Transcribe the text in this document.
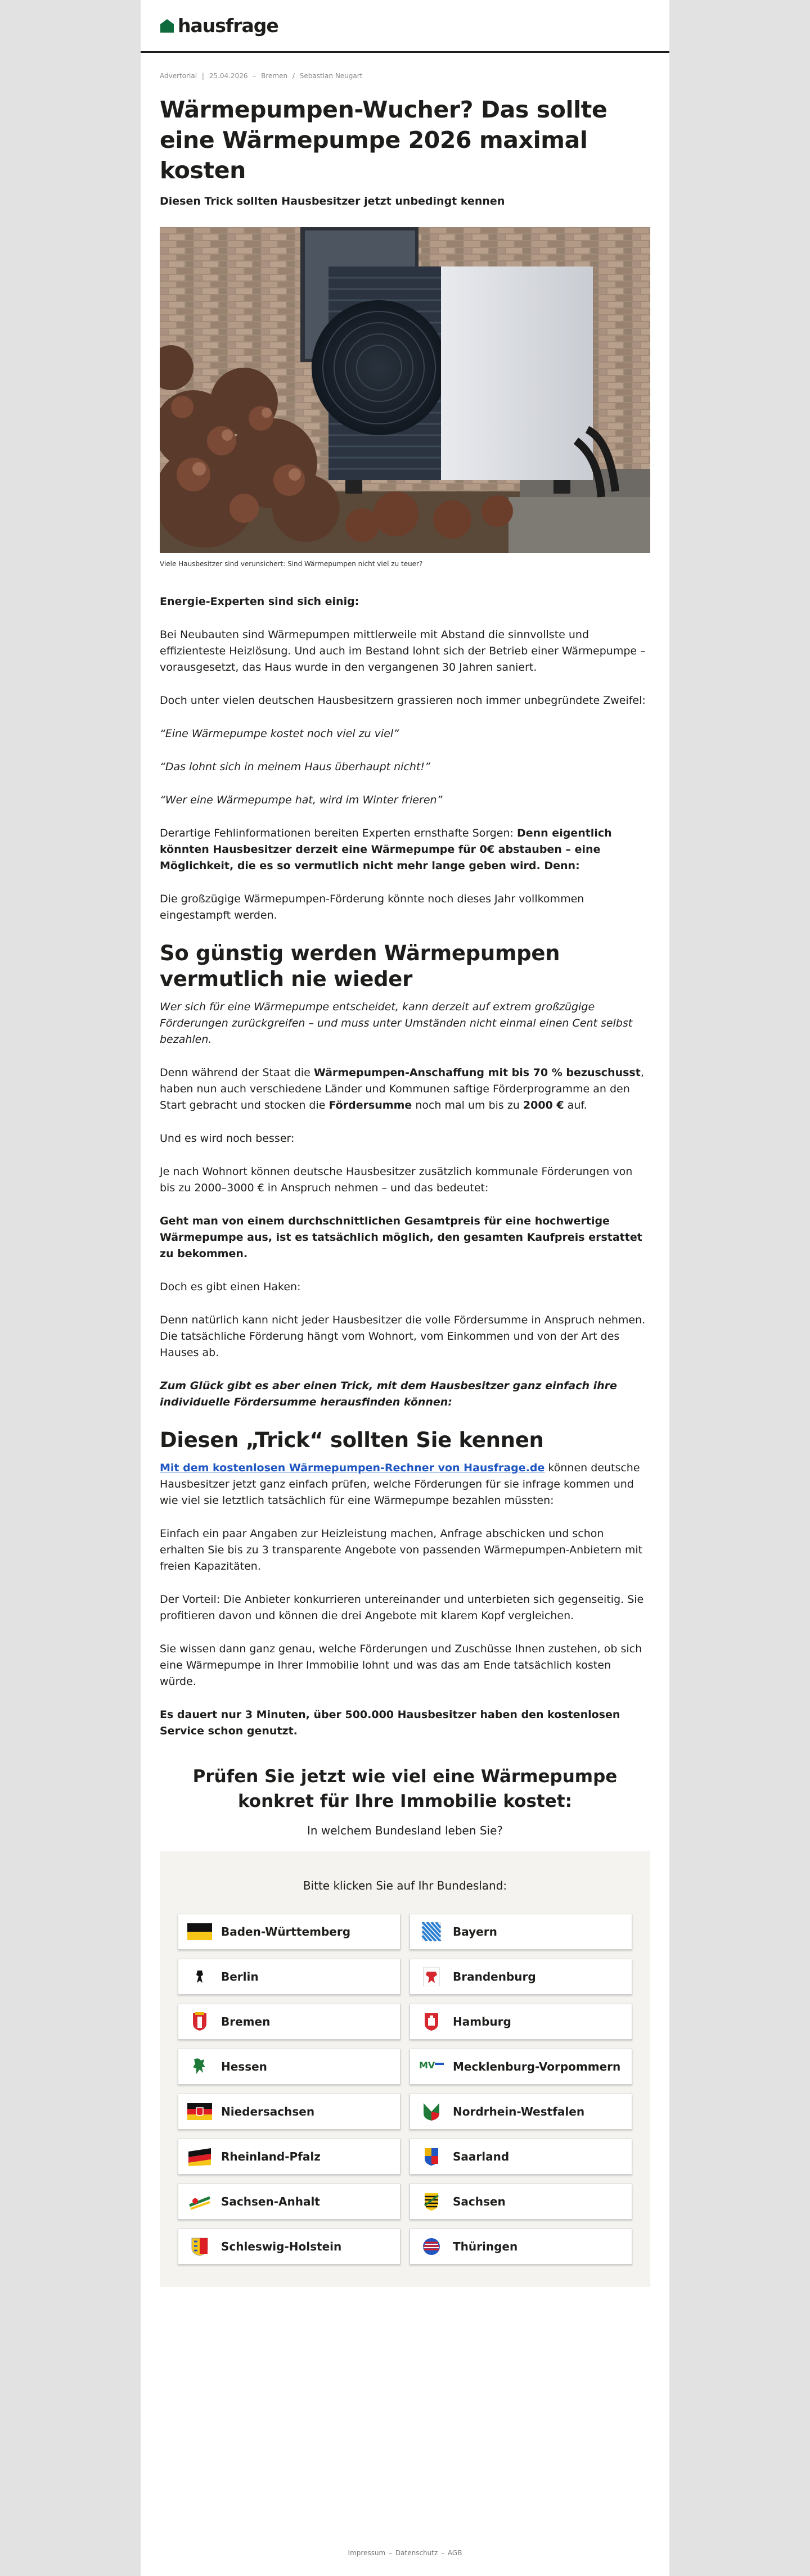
hausfrage
Advertorial | 25.04.2026 – Bremen / Sebastian Neugart
Wärmepumpen-Wucher? Das sollte eine Wärmepumpe 2026 maximal kosten
Diesen Trick sollten Hausbesitzer jetzt unbedingt kennen
Viele Hausbesitzer sind verunsichert: Sind Wärmepumpen nicht viel zu teuer?

Energie-Experten sind sich einig:

Bei Neubauten sind Wärmepumpen mittlerweile mit Abstand die sinnvollste und effizienteste Heizlösung. Und auch im Bestand lohnt sich der Betrieb einer Wärmepumpe – vorausgesetzt, das Haus wurde in den vergangenen 30 Jahren saniert.

Doch unter vielen deutschen Hausbesitzern grassieren noch immer unbegründete Zweifel:

“Eine Wärmepumpe kostet noch viel zu viel”

“Das lohnt sich in meinem Haus überhaupt nicht!”

“Wer eine Wärmepumpe hat, wird im Winter frieren”

Derartige Fehlinformationen bereiten Experten ernsthafte Sorgen: Denn eigentlich könnten Hausbesitzer derzeit eine Wärmepumpe für 0€ abstauben – eine Möglichkeit, die es so vermutlich nicht mehr lange geben wird. Denn:

Die großzügige Wärmepumpen-Förderung könnte noch dieses Jahr vollkommen eingestampft werden.

So günstig werden Wärmepumpen vermutlich nie wieder

Wer sich für eine Wärmepumpe entscheidet, kann derzeit auf extrem großzügige Förderungen zurückgreifen – und muss unter Umständen nicht einmal einen Cent selbst bezahlen.

Denn während der Staat die Wärmepumpen-Anschaffung mit bis 70 % bezuschusst, haben nun auch verschiedene Länder und Kommunen saftige Förderprogramme an den Start gebracht und stocken die Fördersumme noch mal um bis zu 2000 € auf.

Und es wird noch besser:

Je nach Wohnort können deutsche Hausbesitzer zusätzlich kommunale Förderungen von bis zu 2000–3000 € in Anspruch nehmen – und das bedeutet:

Geht man von einem durchschnittlichen Gesamtpreis für eine hochwertige Wärmepumpe aus, ist es tatsächlich möglich, den gesamten Kaufpreis erstattet zu bekommen.

Doch es gibt einen Haken:

Denn natürlich kann nicht jeder Hausbesitzer die volle Fördersumme in Anspruch nehmen. Die tatsächliche Förderung hängt vom Wohnort, vom Einkommen und von der Art des Hauses ab.

Zum Glück gibt es aber einen Trick, mit dem Hausbesitzer ganz einfach ihre individuelle Fördersumme herausfinden können:

Diesen „Trick“ sollten Sie kennen

Mit dem kostenlosen Wärmepumpen-Rechner von Hausfrage.de können deutsche Hausbesitzer jetzt ganz einfach prüfen, welche Förderungen für sie infrage kommen und wie viel sie letztlich tatsächlich für eine Wärmepumpe bezahlen müssten:

Einfach ein paar Angaben zur Heizleistung machen, Anfrage abschicken und schon erhalten Sie bis zu 3 transparente Angebote von passenden Wärmepumpen-Anbietern mit freien Kapazitäten.

Der Vorteil: Die Anbieter konkurrieren untereinander und unterbieten sich gegenseitig. Sie profitieren davon und können die drei Angebote mit klarem Kopf vergleichen.

Sie wissen dann ganz genau, welche Förderungen und Zuschüsse Ihnen zustehen, ob sich eine Wärmepumpe in Ihrer Immobilie lohnt und was das am Ende tatsächlich kosten würde.

Es dauert nur 3 Minuten, über 500.000 Hausbesitzer haben den kostenlosen Service schon genutzt.

Prüfen Sie jetzt wie viel eine Wärmepumpe konkret für Ihre Immobilie kostet:
In welchem Bundesland leben Sie?
Bitte klicken Sie auf Ihr Bundesland:
Baden-Württemberg	Bayern
Berlin	Brandenburg
Bremen	Hamburg
Hessen	MV Mecklenburg-Vorpommern
Niedersachsen	Nordrhein-Westfalen
Rheinland-Pfalz	Saarland
Sachsen-Anhalt	Sachsen
Schleswig-Holstein	Thüringen
Impressum – Datenschutz – AGB
